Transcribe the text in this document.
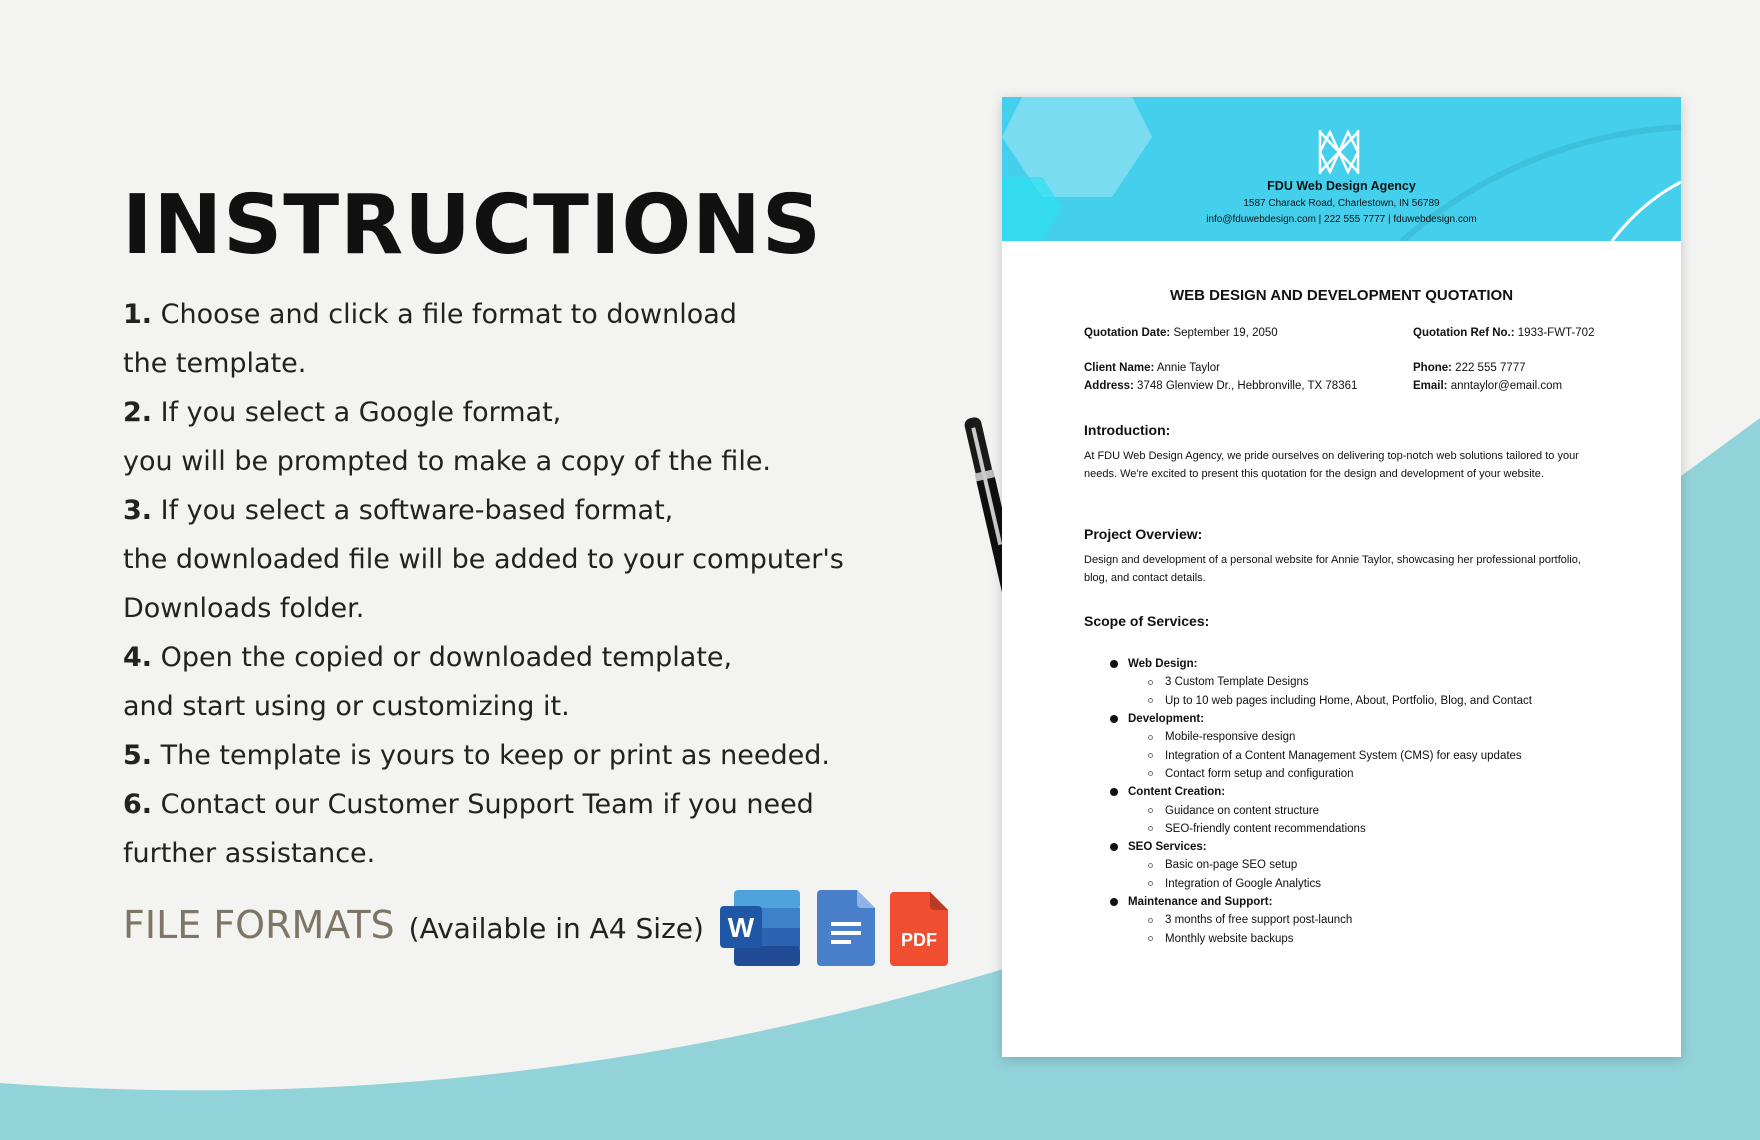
INSTRUCTIONS
1. Choose and click a file format to download
the template.
2. If you select a Google format,
you will be prompted to make a copy of the file.
3. If you select a software-based format,
the downloaded file will be added to your computer's
Downloads folder.
4. Open the copied or downloaded template,
and start using or customizing it.
5. The template is yours to keep or print as needed.
6. Contact our Customer Support Team if you need
further assistance.
FILE FORMATS (Available in A4 Size) W	PDF
FDU Web Design Agency
1587 Charack Road, Charlestown, IN 56789
info@fduwebdesign.com | 222 555 7777 | fduwebdesign.com
WEB DESIGN AND DEVELOPMENT QUOTATION
Quotation Date: September 19, 2050	Quotation Ref No.: 1933-FWT-702
Client Name: Annie Taylor	Phone: 222 555 7777
Address: 3748 Glenview Dr., Hebbronville, TX 78361	Email: anntaylor@email.com
Introduction:

At FDU Web Design Agency, we pride ourselves on delivering top-notch web solutions tailored to your needs. We're excited to present this quotation for the design and development of your website.

Project Overview:

Design and development of a personal website for Annie Taylor, showcasing her professional portfolio, blog, and contact details.

Scope of Services:
Web Design:
3 Custom Template Designs
Up to 10 web pages including Home, About, Portfolio, Blog, and Contact
Development:
Mobile-responsive design
Integration of a Content Management System (CMS) for easy updates
Contact form setup and configuration
Content Creation:
Guidance on content structure
SEO-friendly content recommendations
SEO Services:
Basic on-page SEO setup
Integration of Google Analytics
Maintenance and Support:
3 months of free support post-launch
Monthly website backups
